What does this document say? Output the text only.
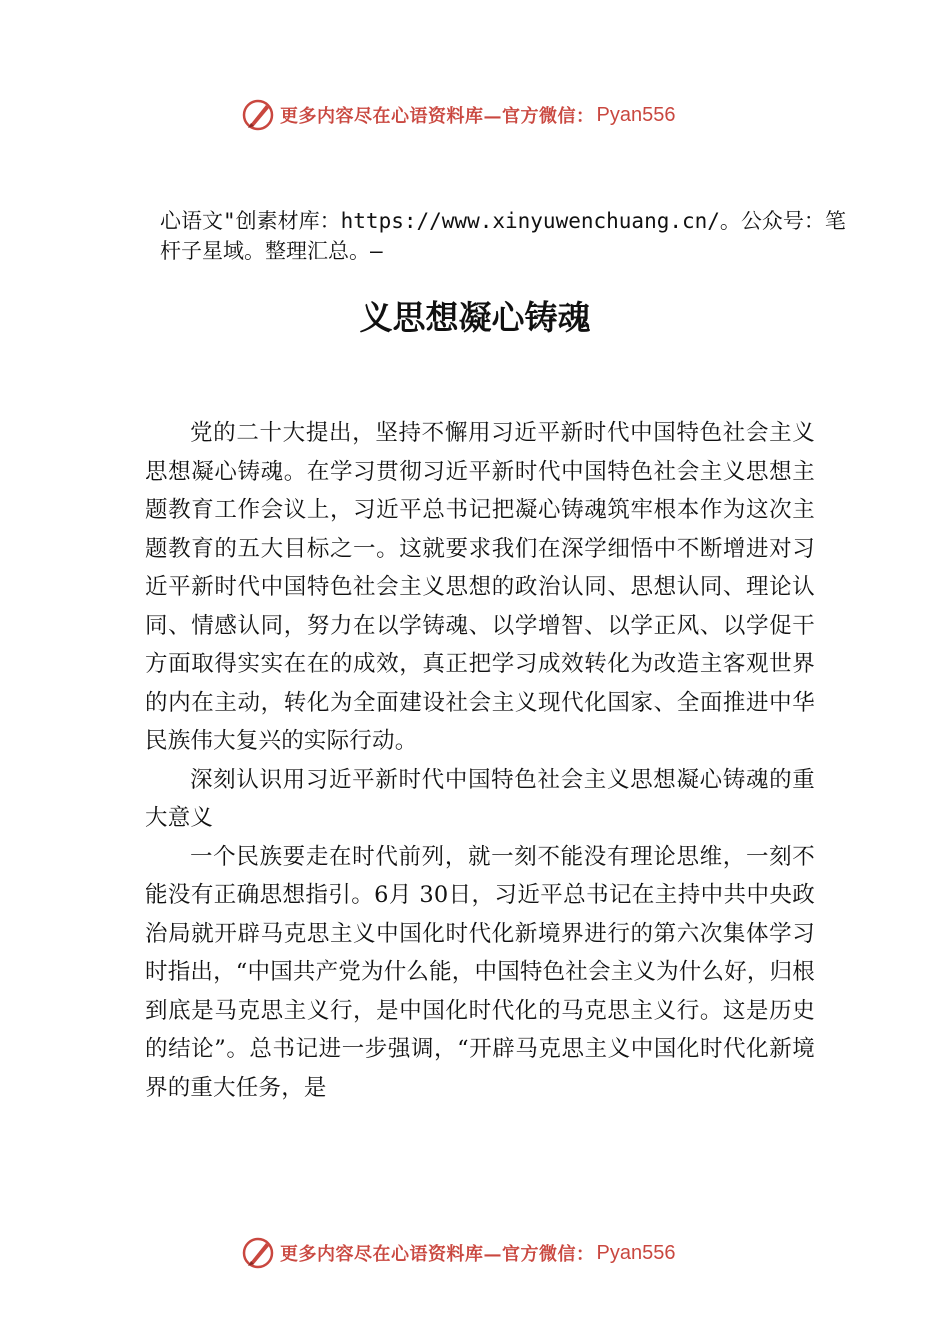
更多内容尽在心语资料库—官方微信： Pyan556
心语文"创素材库：https://www.xinyuwenchuang.cn/。公众号：笔杆子星域。整理汇总。—
义思想凝心铸魂

党的二十大提出，坚持不懈用习近平新时代中国特色社会主义思想凝心铸魂。在学习贯彻习近平新时代中国特色社会主义思想主题教育工作会议上，习近平总书记把凝心铸魂筑牢根本作为这次主题教育的五大目标之一。这就要求我们在深学细悟中不断增进对习近平新时代中国特色社会主义思想的政治认同、思想认同、理论认同、情感认同，努力在以学铸魂、以学增智、以学正风、以学促干方面取得实实在在的成效，真正把学习成效转化为改造主客观世界的内在主动，转化为全面建设社会主义现代化国家、全面推进中华民族伟大复兴的实际行动。

深刻认识用习近平新时代中国特色社会主义思想凝心铸魂的重大意义

一个民族要走在时代前列，就一刻不能没有理论思维，一刻不能没有正确思想指引。6月 30日，习近平总书记在主持中共中央政治局就开辟马克思主义中国化时代化新境界进行的第六次集体学习时指出，“中国共产党为什么能，中国特色社会主义为什么好，归根到底是马克思主义行，是中国化时代化的马克思主义行。这是历史的结论”。总书记进一步强调，“开辟马克思主义中国化时代化新境界的重大任务，是

更多内容尽在心语资料库—官方微信： Pyan556
